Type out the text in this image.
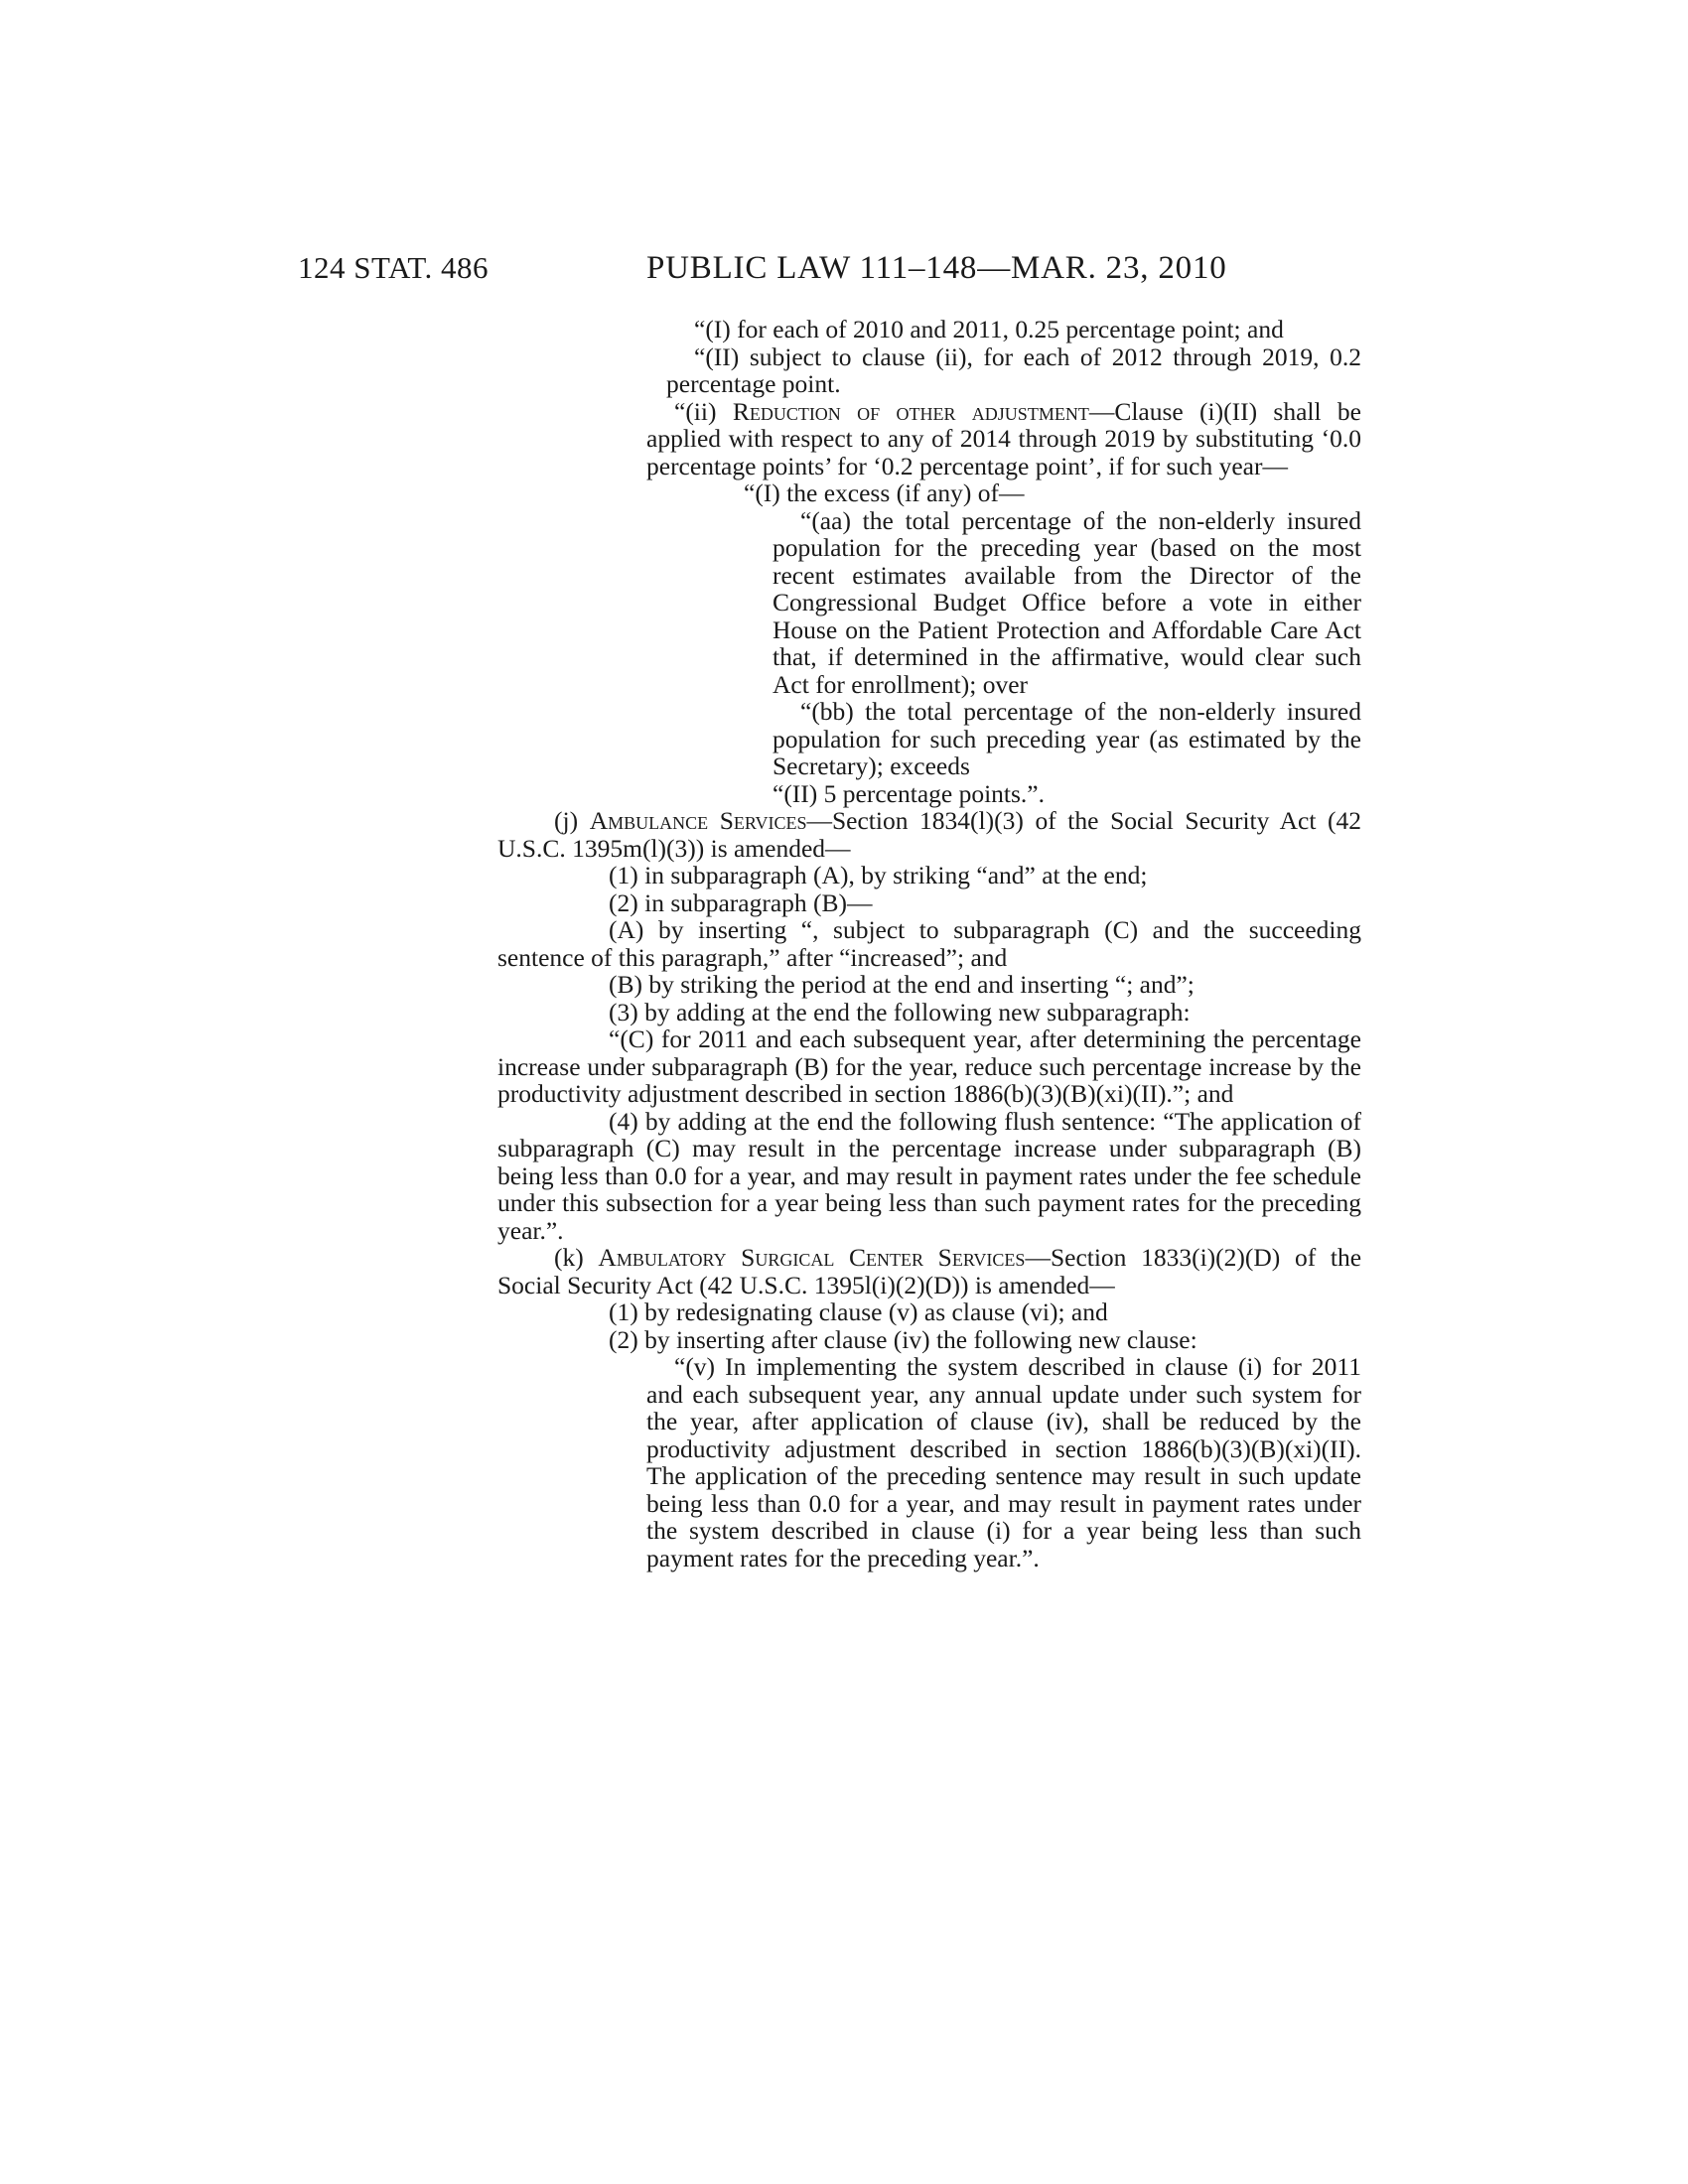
124 STAT. 486	PUBLIC LAW 111–148—MAR. 23, 2010

“(I) for each of 2010 and 2011, 0.25 percentage point; and

“(II) subject to clause (ii), for each of 2012 through 2019, 0.2 percentage point.

“(ii) Reduction of other adjustment—Clause (i)(II) shall be applied with respect to any of 2014 through 2019 by substituting ‘0.0 percentage points’ for ‘0.2 percentage point’, if for such year—

“(I) the excess (if any) of—

“(aa) the total percentage of the non-elderly insured population for the preceding year (based on the most recent estimates available from the Director of the Congressional Budget Office before a vote in either House on the Patient Protection and Affordable Care Act that, if determined in the affirmative, would clear such Act for enrollment); over

“(bb) the total percentage of the non-elderly insured population for such preceding year (as estimated by the Secretary); exceeds

“(II) 5 percentage points.”.

(j) Ambulance Services—Section 1834(l)(3) of the Social Security Act (42 U.S.C. 1395m(l)(3)) is amended—

(1) in subparagraph (A), by striking “and” at the end;

(2) in subparagraph (B)—

(A) by inserting “, subject to subparagraph (C) and the succeeding sentence of this paragraph,” after “increased”; and

(B) by striking the period at the end and inserting “; and”;

(3) by adding at the end the following new subparagraph:

“(C) for 2011 and each subsequent year, after determining the percentage increase under subparagraph (B) for the year, reduce such percentage increase by the productivity adjustment described in section 1886(b)(3)(B)(xi)(II).”; and

(4) by adding at the end the following flush sentence: “The application of subparagraph (C) may result in the percentage increase under subparagraph (B) being less than 0.0 for a year, and may result in payment rates under the fee schedule under this subsection for a year being less than such payment rates for the preceding year.”.

(k) Ambulatory Surgical Center Services—Section 1833(i)(2)(D) of the Social Security Act (42 U.S.C. 1395l(i)(2)(D)) is amended—

(1) by redesignating clause (v) as clause (vi); and

(2) by inserting after clause (iv) the following new clause:

“(v) In implementing the system described in clause (i) for 2011 and each subsequent year, any annual update under such system for the year, after application of clause (iv), shall be reduced by the productivity adjustment described in section 1886(b)(3)(B)(xi)(II). The application of the preceding sentence may result in such update being less than 0.0 for a year, and may result in payment rates under the system described in clause (i) for a year being less than such payment rates for the preceding year.”.
